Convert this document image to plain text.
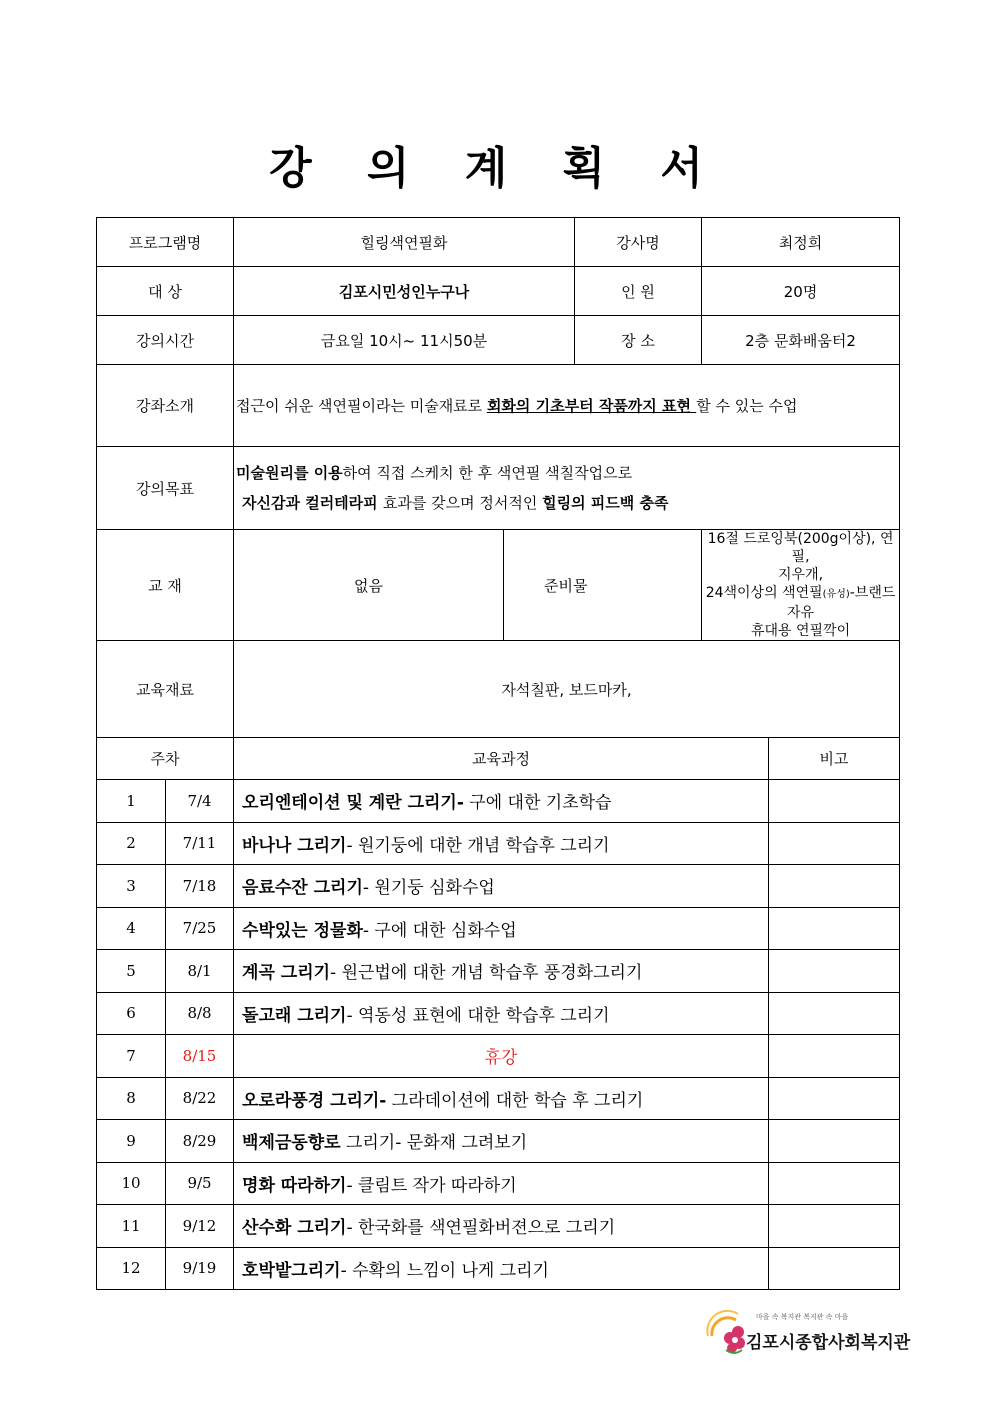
강 의 계 획 서
프로그램명		힐링색연필화		강사명	최정희	
대 상		김포시민성인누구나		인 원	20명	
강의시간		금요일 10시~ 11시50분		장 소	2층 문화배움터2	
강좌소개		접근이 쉬운 색연필이라는 미술재료로 회화의 기초부터 작품까지 표현 할 수 있는 수업				
강의목표		미술원리를 이용하여 직접 스케치 한 후 색연필 색칠작업으로
자신감과 컬러테라피 효과를 갖으며 정서적인 힐링의 피드백 충족				

교 재		없음	준비물		16절 드로잉북(200g이상), 연필,
지우개,
24색이상의 색연필(유성)-브랜드자유
휴대용 연필깍이	

교육재료		자석칠판, 보드마카,				
주차		교육과정				비고
1	7/4	오리엔테이션 및 계란 그리기- 구에 대한 기초학습				
2	7/11	바나나 그리기- 원기둥에 대한 개념 학습후 그리기				
3	7/18	음료수잔 그리기- 원기둥 심화수업				
4	7/25	수박있는 정물화- 구에 대한 심화수업				
5	8/1	계곡 그리기- 원근법에 대한 개념 학습후 풍경화그리기				
6	8/8	돌고래 그리기- 역동성 표현에 대한 학습후 그리기				
7	8/15	휴강				
8	8/22	오로라풍경 그리기- 그라데이션에 대한 학습 후 그리기				
9	8/29	백제금동향로 그리기- 문화재 그려보기				
10	9/5	명화 따라하기- 클림트 작가 따라하기				
11	9/12	산수화 그리기- 한국화를 색연필화버젼으로 그리기				
12	9/19	호박밭그리기- 수확의 느낌이 나게 그리기				
마을 속 복지관 복지관 속 마을
김포시종합사회복지관
